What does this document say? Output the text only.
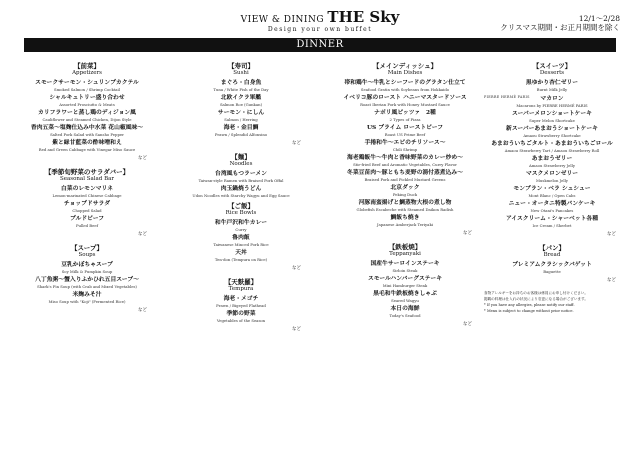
VIEW & DINING THE Sky
Design your own buffet
12/1～2/28
クリスマス期間・お正月期間を除く
DINNER
【前菜】
Appetizers
スモークサーモン・シュリンプカクテル
Smoked Salmon / Shrimp Cocktail
シャルキュトリー盛り合わせ
Assorted Prosciutto & Meats
カリフラワーと蒸し鶏のディジョン風
Cauliflower and Steamed Chicken, Dijon Style
香肉五菜～塩麹仕込み中水菜 花山椒風味～
Salted Pork Salad with Sansho Pepper
紫と緑甘藍菜の酢味噌和え
Red and Green Cabbage with Vinegar Miso Sauce
など
【季節旬野菜のサラダバー】
Seasonal Salad Bar
白菜のレモンマリネ
Lemon-marinated Chinese Cabbage
チョップドサラダ
Chopped Salad
プルドビーフ
Pulled Beef
など
【スープ】
Soups
豆乳かぼちゃスープ
Soy Milk & Pumpkin Soup
八丁魚粥～蟹入りふかひれ五目スープ～
Shark's Fin Soup (with Crab and Mixed Vegetables)
米麹みそ汁
Miso Soup with "Koji" (Fermented Rice)
など
【寿司】
Sushi
まぐろ・白身魚
Tuna / White Fish of the Day
北欧イクラ軍艦
Salmon Roe (Gunkan)
サーモン・にしん
Salmon / Herring
海老・金目鯛
Prawn / Splendid Alfonsino
など
【麺】
Noodles
台湾風もつラーメン
Taiwan-style Ramen with Braised Pork Offal
肉玉鍋焼うどん
Udon Noodles with Starchy Wagyu and Egg Sauce
【ご飯】
Rice Bowls
和牛戸沢和牛カレー
Curry
魯肉飯
Taiwanese Minced Pork Rice
天丼
Ten-don (Tempura on Rice)
など
【天麩羅】
Tempura
海老・メゴチ
Prawn / Bigeyed Flathead
季節の野菜
Vegetables of the Season
など
【メインディッシュ】
Main Dishes
帯和鶏牛～牛乳とシーフードのグラタン仕立て
Seafood Gratin with Soybeans from Hokkaido
イベリコ豚のロースト ハニーマスタードソース
Roast Iberian Pork with Honey Mustard Sauce
ナポリ風ピッツァ　2種
2 Types of Pizza
US プライム ローストビーフ
Roast US Prime Beef
手捲和牛～エビのチリソース～
Chili Shrimp
海老鶏飯牛～牛肉と香味野菜のカレー炒め～
Stir-fried Beef and Aromatic Vegetables, Curry Flavor
冬菜豆苗肉～豚ともち麦野の湯付蒸煮込み～
Braised Pork and Pickled Mustard Greens
北京ダック
Peking Duck
河豚南蛮揚げと鯛蒸物大根の煮し物
Globefish Escabeche with Steamed Daikon Radish
鯛飯ち焼き
Japanese Amberjack Teriyaki
など
【鉄板焼】
Teppanyaki
国産牛サーロインステーキ
Sirloin Steak
スモールハンバーグステーキ
Mini Hamburger Steak
黒毛和牛鉄板焼きしゃぶ
Seared Wagyu
本日の海鮮
Today's Seafood
など
【スイーツ】
Desserts
黒ゆかり杏仁ゼリー
Burnt Milk Jelly
PIERRE HERMÉ PARIS	マカロン
Macarons by PIERRE HERMÉ PARIS
スーパーメロンショートケーキ
Super Melon Shortcake
新スーパーあまおうショートケーキ
Amaou Strawberry Shortcake
あまおういちごタルト・あまおういちごロール
Amaou Strawberry Tart / Amaou Strawberry Roll
あまおうゼリー
Amaou Strawberry Jelly
マスクメロンゼリー
Muskmelon Jelly
モンブラン・ベラ シュシュー
Mont Blanc / Open Cabs
ニュー・オータニ特製パンケーキ
New Otani's Pancakes
アイスクリーム・シャーベット各種
Ice Cream / Sherbet
など
【パン】
Bread
プレミアムクラシックバゲット
Baguette
など
食物アレルギーをお持ちのお客様は係員にお申し付けください。
掲載の料理は仕入れの状況により変更になる場合がございます。
* If you have any allergies, please notify our staff.
* Menu is subject to change without prior notice.
